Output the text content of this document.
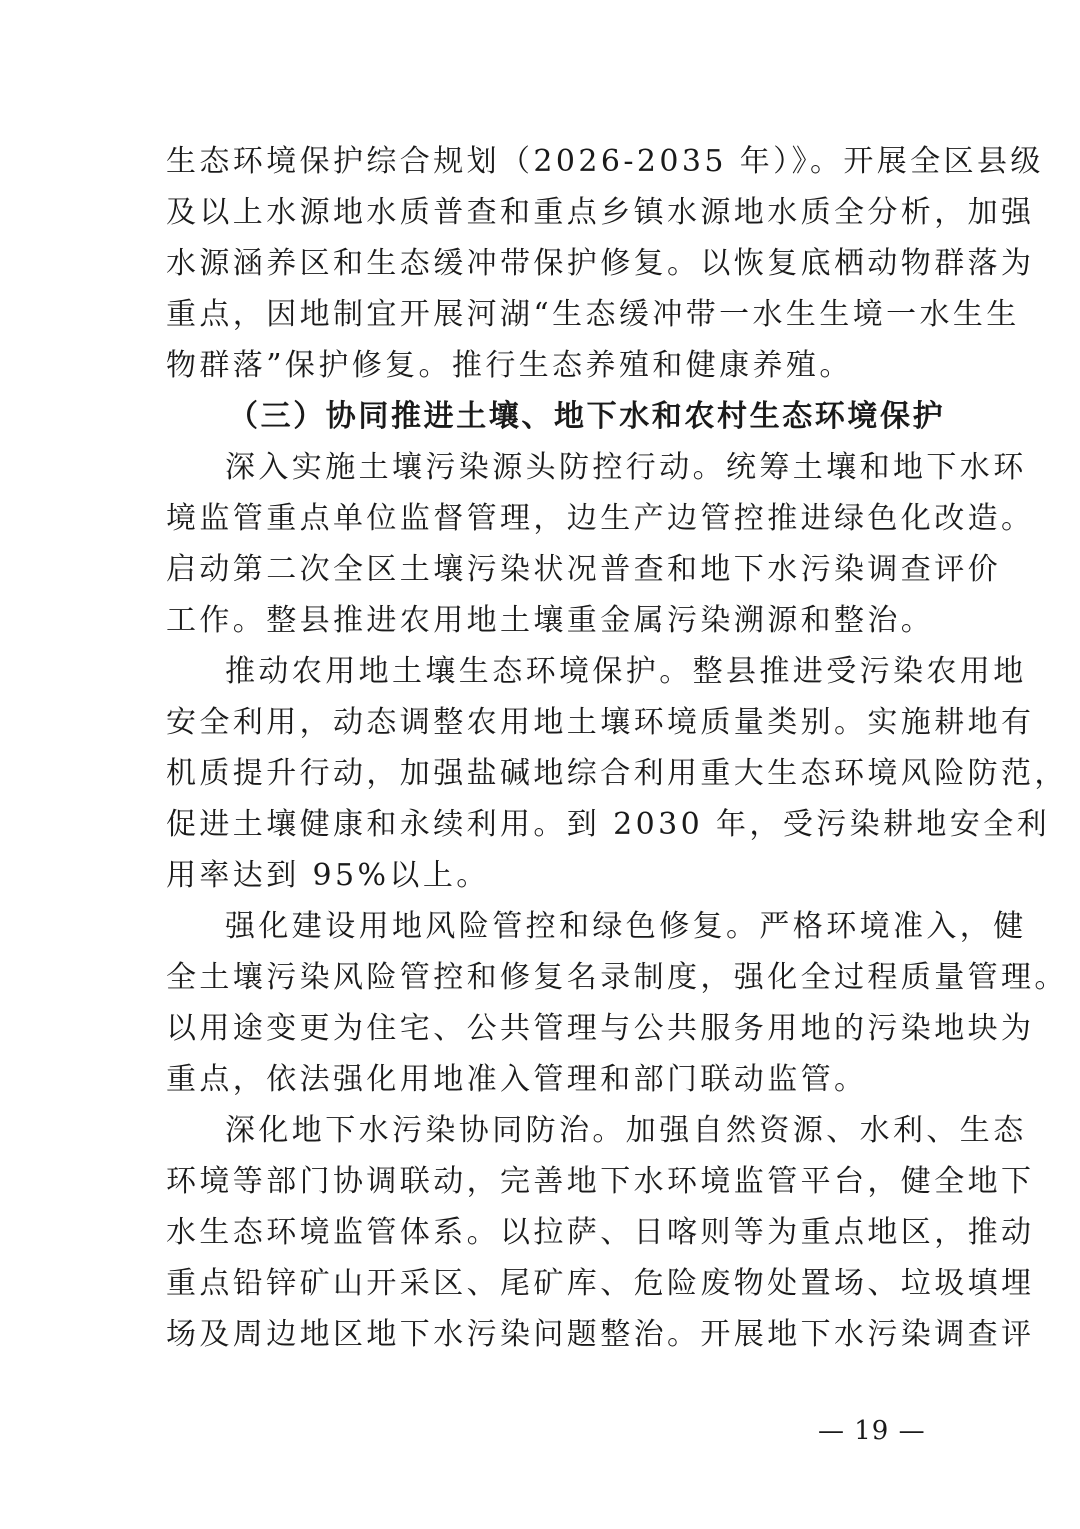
生态环境保护综合规划（2026-2035 年）》。开展全区县级
及以上水源地水质普查和重点乡镇水源地水质全分析，加强
水源涵养区和生态缓冲带保护修复。以恢复底栖动物群落为
重点，因地制宜开展河湖“生态缓冲带一水生生境一水生生
物群落”保护修复。推行生态养殖和健康养殖。
（三）协同推进土壤、地下水和农村生态环境保护
深入实施土壤污染源头防控行动。统筹土壤和地下水环
境监管重点单位监督管理，边生产边管控推进绿色化改造。
启动第二次全区土壤污染状况普查和地下水污染调查评价
工作。整县推进农用地土壤重金属污染溯源和整治。
推动农用地土壤生态环境保护。整县推进受污染农用地
安全利用，动态调整农用地土壤环境质量类别。实施耕地有
机质提升行动，加强盐碱地综合利用重大生态环境风险防范，
促进土壤健康和永续利用。到 2030 年，受污染耕地安全利
用率达到 95%以上。
强化建设用地风险管控和绿色修复。严格环境准入，健
全土壤污染风险管控和修复名录制度，强化全过程质量管理。
以用途变更为住宅、公共管理与公共服务用地的污染地块为
重点，依法强化用地准入管理和部门联动监管。
深化地下水污染协同防治。加强自然资源、水利、生态
环境等部门协调联动，完善地下水环境监管平台，健全地下
水生态环境监管体系。以拉萨、日喀则等为重点地区，推动
重点铅锌矿山开采区、尾矿库、危险废物处置场、垃圾填埋
场及周边地区地下水污染问题整治。开展地下水污染调查评
— 19 —
